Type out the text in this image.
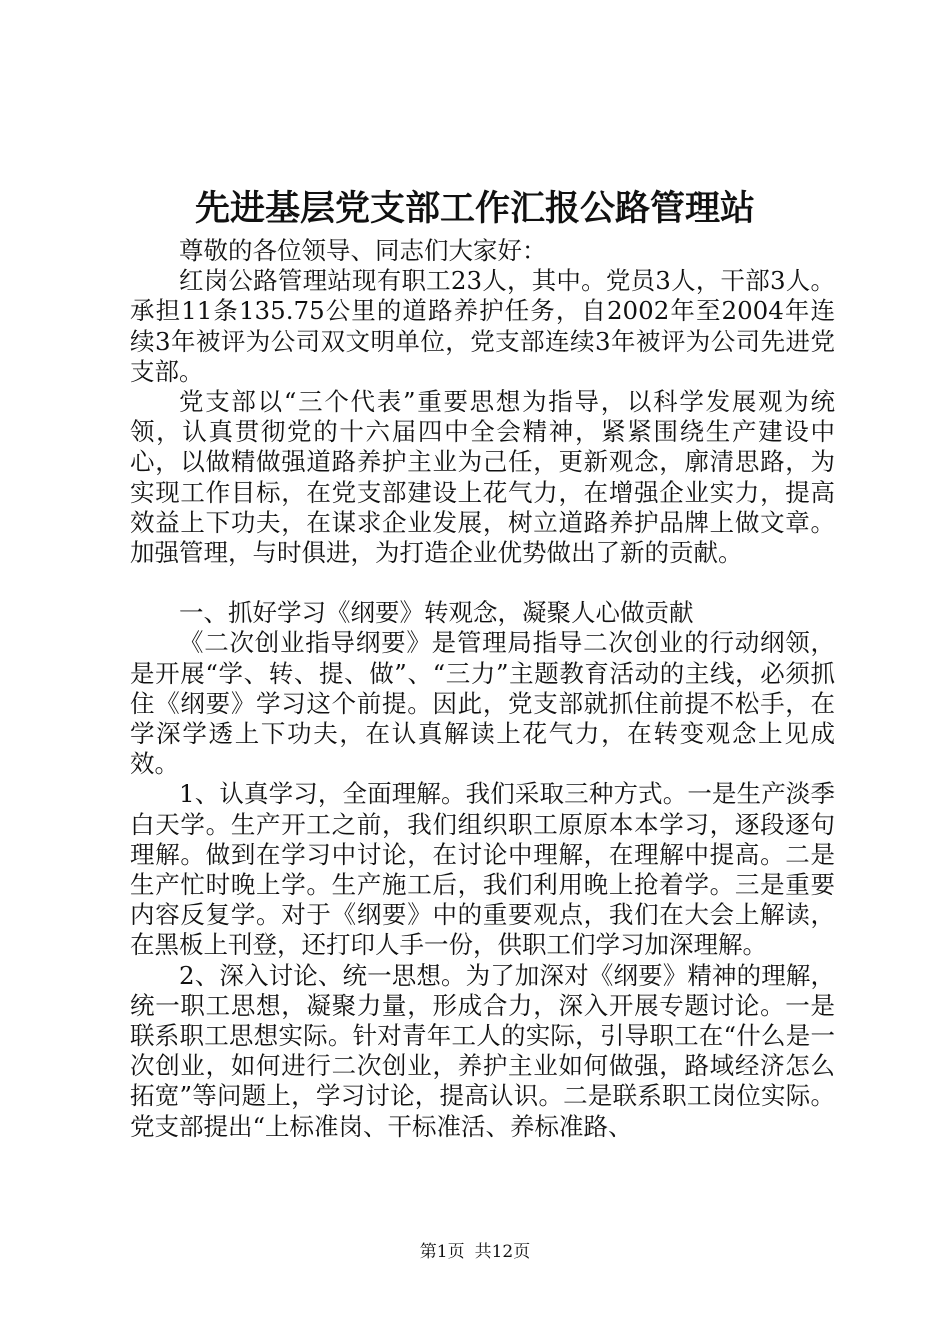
先进基层党支部工作汇报公路管理站

尊敬的各位领导、同志们大家好：

红岗公路管理站现有职工23人，其中。党员3人，干部3人。承担11条135.75公里的道路养护任务，自2002年至2004年连续3年被评为公司双文明单位，党支部连续3年被评为公司先进党支部。

党支部以“三个代表”重要思想为指导，以科学发展观为统领，认真贯彻党的十六届四中全会精神，紧紧围绕生产建设中心，以做精做强道路养护主业为己任，更新观念，廓清思路，为实现工作目标，在党支部建设上花气力，在增强企业实力，提高效益上下功夫，在谋求企业发展，树立道路养护品牌上做文章。加强管理，与时俱进，为打造企业优势做出了新的贡献。

一、抓好学习《纲要》转观念，凝聚人心做贡献

《二次创业指导纲要》是管理局指导二次创业的行动纲领，是开展“学、转、提、做”、“三力”主题教育活动的主线，必须抓住《纲要》学习这个前提。因此，党支部就抓住前提不松手，在学深学透上下功夫，在认真解读上花气力，在转变观念上见成效。

1、认真学习，全面理解。我们采取三种方式。一是生产淡季白天学。生产开工之前，我们组织职工原原本本学习，逐段逐句理解。做到在学习中讨论，在讨论中理解，在理解中提高。二是生产忙时晚上学。生产施工后，我们利用晚上抢着学。三是重要内容反复学。对于《纲要》中的重要观点，我们在大会上解读，在黑板上刊登，还打印人手一份，供职工们学习加深理解。

2、深入讨论、统一思想。为了加深对《纲要》精神的理解，统一职工思想，凝聚力量，形成合力，深入开展专题讨论。一是联系职工思想实际。针对青年工人的实际，引导职工在“什么是一次创业，如何进行二次创业，养护主业如何做强，路域经济怎么拓宽”等问题上，学习讨论，提高认识。二是联系职工岗位实际。党支部提出“上标准岗、干标准活、养标准路、

第1页 共12页
